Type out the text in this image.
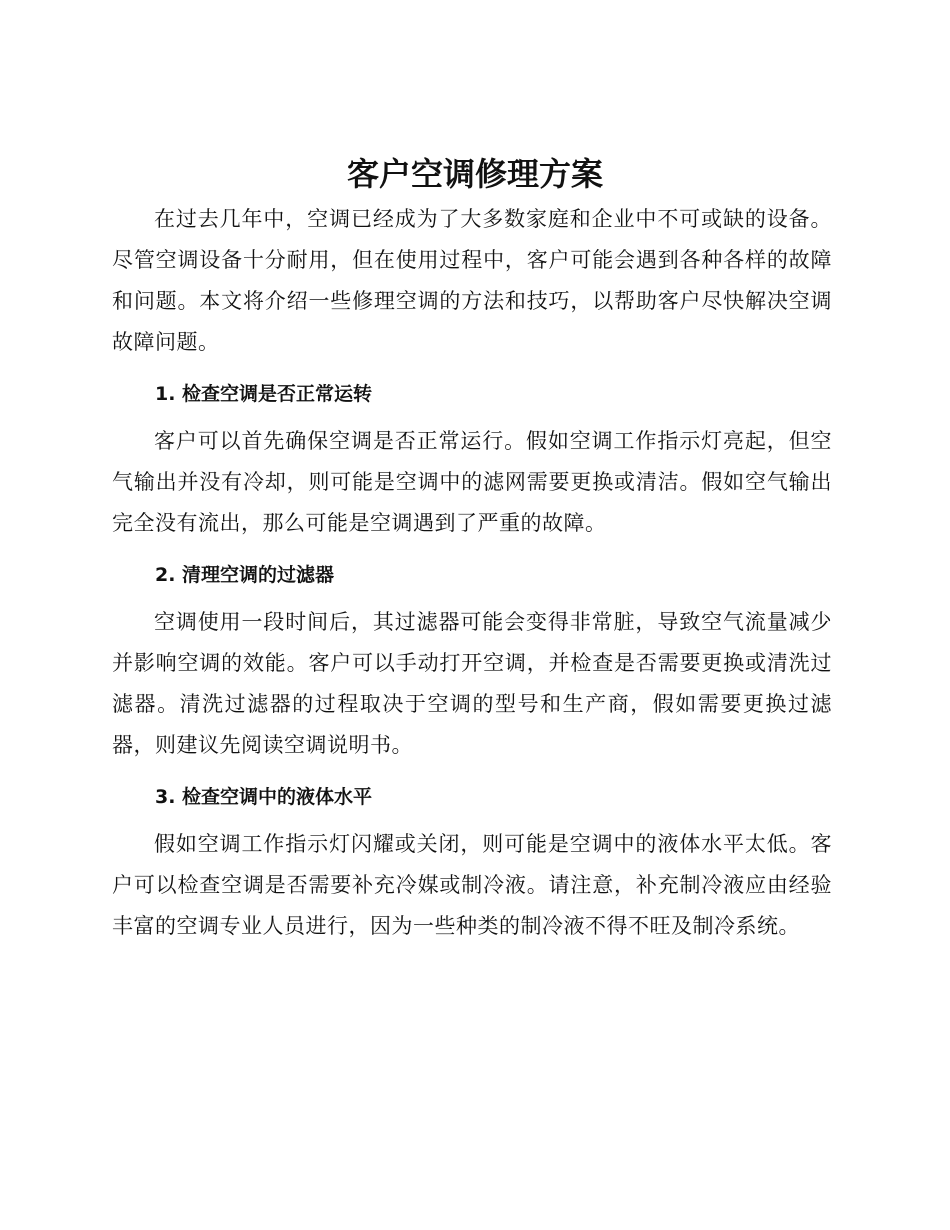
客户空调修理方案

在过去几年中，空调已经成为了大多数家庭和企业中不可或缺的设备。尽管空调设备十分耐用，但在使用过程中，客户可能会遇到各种各样的故障和问题。本文将介绍一些修理空调的方法和技巧，以帮助客户尽快解决空调故障问题。

1. 检查空调是否正常运转

客户可以首先确保空调是否正常运行。假如空调工作指示灯亮起，但空气输出并没有冷却，则可能是空调中的滤网需要更换或清洁。假如空气输出完全没有流出，那么可能是空调遇到了严重的故障。

2. 清理空调的过滤器

空调使用一段时间后，其过滤器可能会变得非常脏，导致空气流量减少并影响空调的效能。客户可以手动打开空调，并检查是否需要更换或清洗过滤器。清洗过滤器的过程取决于空调的型号和生产商，假如需要更换过滤器，则建议先阅读空调说明书。

3. 检查空调中的液体水平

假如空调工作指示灯闪耀或关闭，则可能是空调中的液体水平太低。客户可以检查空调是否需要补充冷媒或制冷液。请注意，补充制冷液应由经验丰富的空调专业人员进行，因为一些种类的制冷液不得不旺及制冷系统。
